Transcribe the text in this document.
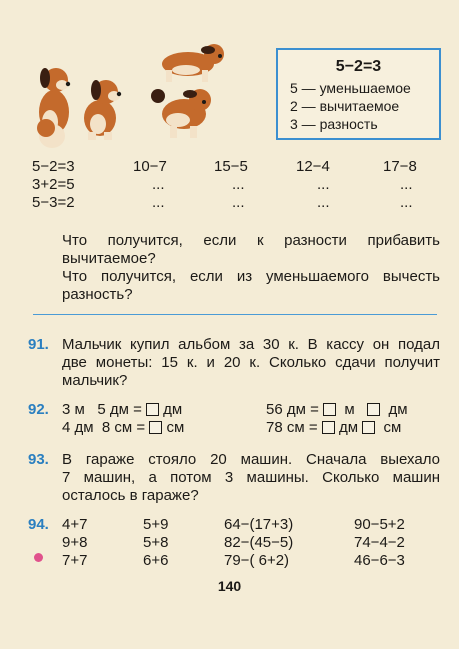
5−2=3
5 — уменьшаемое
2 — вычитаемое
3 — разность
5−2=3
3+2=5
5−3=2
10−7
...
...
15−5
...
...
12−4
...
...
17−8
...
...
Что получится, если к разности прибавить
вычитаемое?
Что получится, если из уменьшаемого вычесть
разность?
91. Мальчик купил альбом за 30 к. В кассу он подал
две монеты: 15 к. и 20 к. Сколько сдачи получит
мальчик?
92. 3 м   5 дм = дм
4 дм  8 см = см
56 дм = м дм
78 см = дм см
93. В гараже стояло 20 машин. Сначала выехало
7 машин, а потом 3 машины. Сколько машин
осталось в гараже?
94. 4+7
9+8
7+7
5+9
5+8
6+6
64−(17+3)
82−(45−5)
79−( 6+2)
90−5+2
74−4−2
46−6−3
140
